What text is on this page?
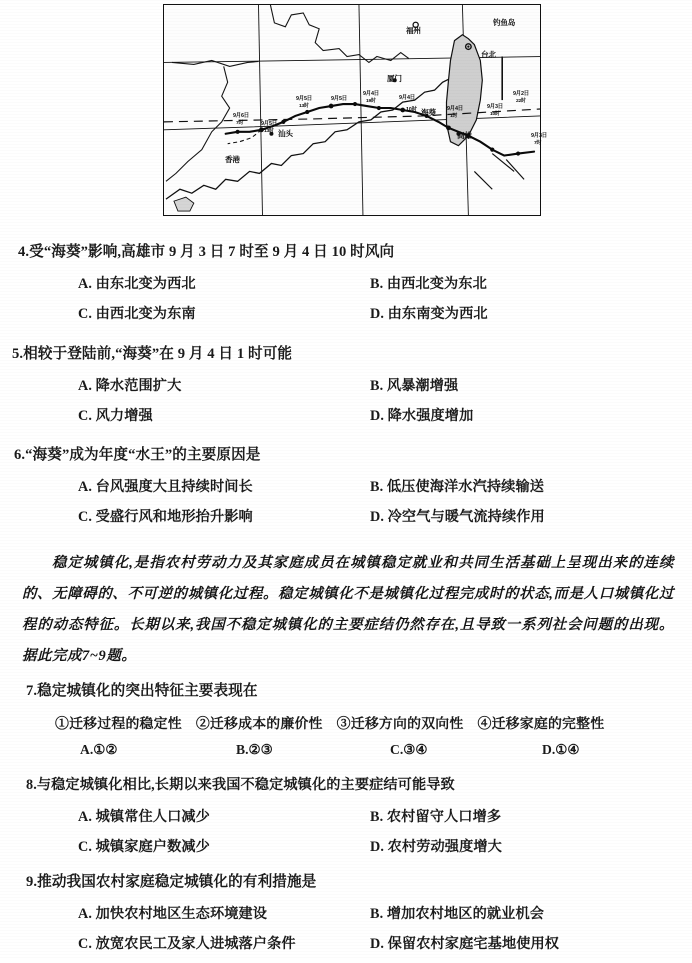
福州
台北
厦门
海葵
汕头	高雄
钓鱼岛
香港
9月5日
13时
9月5日
9月4日
19时
9月4日
10时
9月6日
7时	9月5日
13时
9月4日
1时
9月3日
10时
9月3日
7时
9月2日
22时
4.受“海葵”影响,高雄市 9 月 3 日 7 时至 9 月 4 日 10 时风向
A. 由东北变为西北	B. 由西北变为东北
C. 由西北变为东南	D. 由东南变为西北
5.相较于登陆前,“海葵”在 9 月 4 日 1 时可能
A. 降水范围扩大	B. 风暴潮增强
C. 风力增强	D. 降水强度增加
6.“海葵”成为年度“水王”的主要原因是
A. 台风强度大且持续时间长	B. 低压使海洋水汽持续输送
C. 受盛行风和地形抬升影响	D. 冷空气与暖气流持续作用
稳定城镇化,是指农村劳动力及其家庭成员在城镇稳定就业和共同生活基础上呈现出来的连续的、无障碍的、不可逆的城镇化过程。稳定城镇化不是城镇化过程完成时的状态,而是人口城镇化过程的动态特征。长期以来,我国不稳定城镇化的主要症结仍然存在,且导致一系列社会问题的出现。据此完成7~9题。
7.稳定城镇化的突出特征主要表现在
①迁移过程的稳定性 ②迁移成本的廉价性 ③迁移方向的双向性 ④迁移家庭的完整性
A.①②	B.②③	C.③④	D.①④
8.与稳定城镇化相比,长期以来我国不稳定城镇化的主要症结可能导致
A. 城镇常住人口减少	B. 农村留守人口增多
C. 城镇家庭户数减少	D. 农村劳动强度增大
9.推动我国农村家庭稳定城镇化的有利措施是
A. 加快农村地区生态环境建设	B. 增加农村地区的就业机会
C. 放宽农民工及家人进城落户条件	D. 保留农村家庭宅基地使用权
